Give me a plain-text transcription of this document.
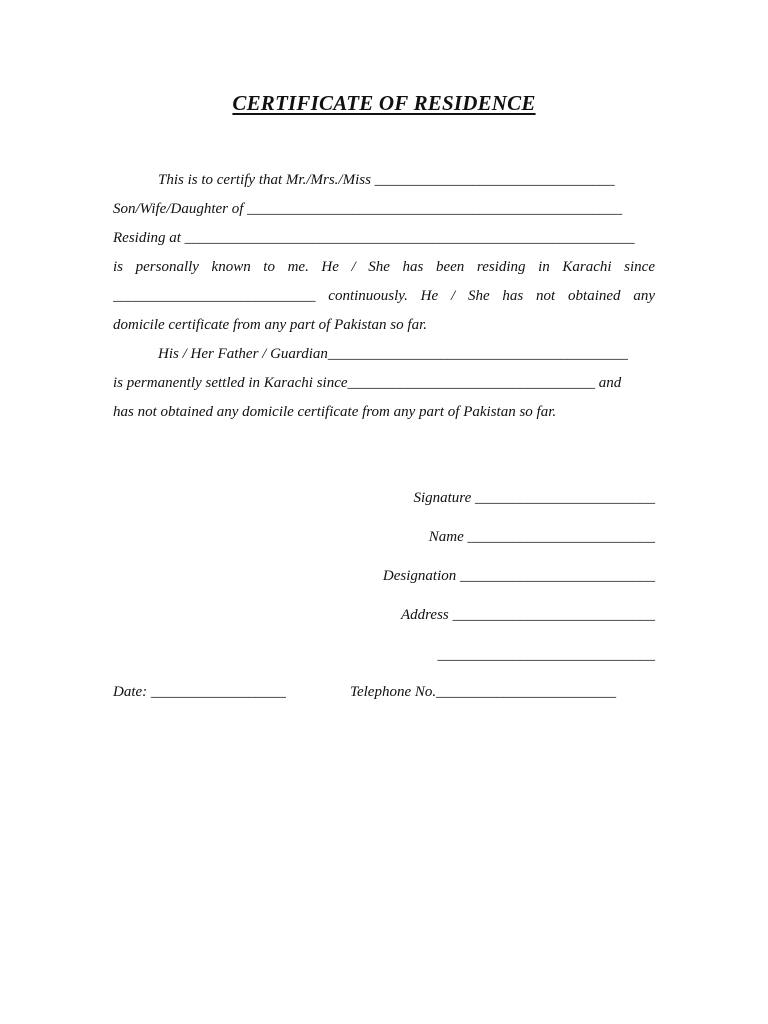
CERTIFICATE OF RESIDENCE
This is to certify that Mr./Mrs./Miss ________________________________
Son/Wife/Daughter of __________________________________________________
Residing at ____________________________________________________________
is personally known to me. He / She has been residing in Karachi since
___________________________ continuously. He / She has not obtained any
domicile certificate from any part of Pakistan so far.
His / Her Father / Guardian________________________________________
is permanently settled in Karachi since_________________________________ and
has not obtained any domicile certificate from any part of Pakistan so far.
Signature ________________________
Name _________________________
Designation __________________________
Address ___________________________
_____________________________
Date: __________________	Telephone No.________________________
